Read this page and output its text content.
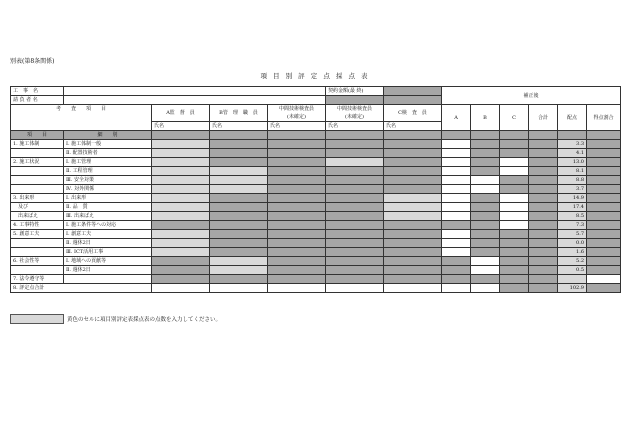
別表(第8条関係)
項 目 別 評 定 点 採 点 表
工　事　名					契約金額(最 終)		補正後					
請 負 者 名												
考　　査　　項　　目		A監　督　員	B管　理　職　員	中間技術検査員
(未確定)	中間技術検査員
(未確定)	C検　査　員	A	B	C	合計	配点	得点割合
		氏名	氏名	氏名	氏名	氏名						
項　　目	細　　別											
1. 施工体制	Ⅰ. 施工体制一般										3.3	
	Ⅱ. 配置技術者										4.1	
2. 施工状況	Ⅰ. 施工管理										13.0	
	Ⅱ. 工程管理										8.1	
	Ⅲ. 安全対策										8.8	
	Ⅳ. 対外関係										3.7	
3. 出来形	Ⅰ. 出来形										14.9	
　及び	Ⅱ. 品　質										17.4	
　出来ばえ	Ⅲ. 出来ばえ										8.5	
4. 工事特性	Ⅰ. 施工条件等への対応										7.3	
5. 創意工夫	Ⅰ. 創意工夫										5.7	
	Ⅱ. 週休2日										0.0	
	Ⅲ. ICT活用工事										1.6	
6. 社会性等	Ⅰ. 地域への貢献等										5.2	
	Ⅱ. 週休2日										0.5	
7. 法令遵守等												
8. 評定点合計											102.9	
黄色のセルに項目別評定表採点表の点数を入力してください。
